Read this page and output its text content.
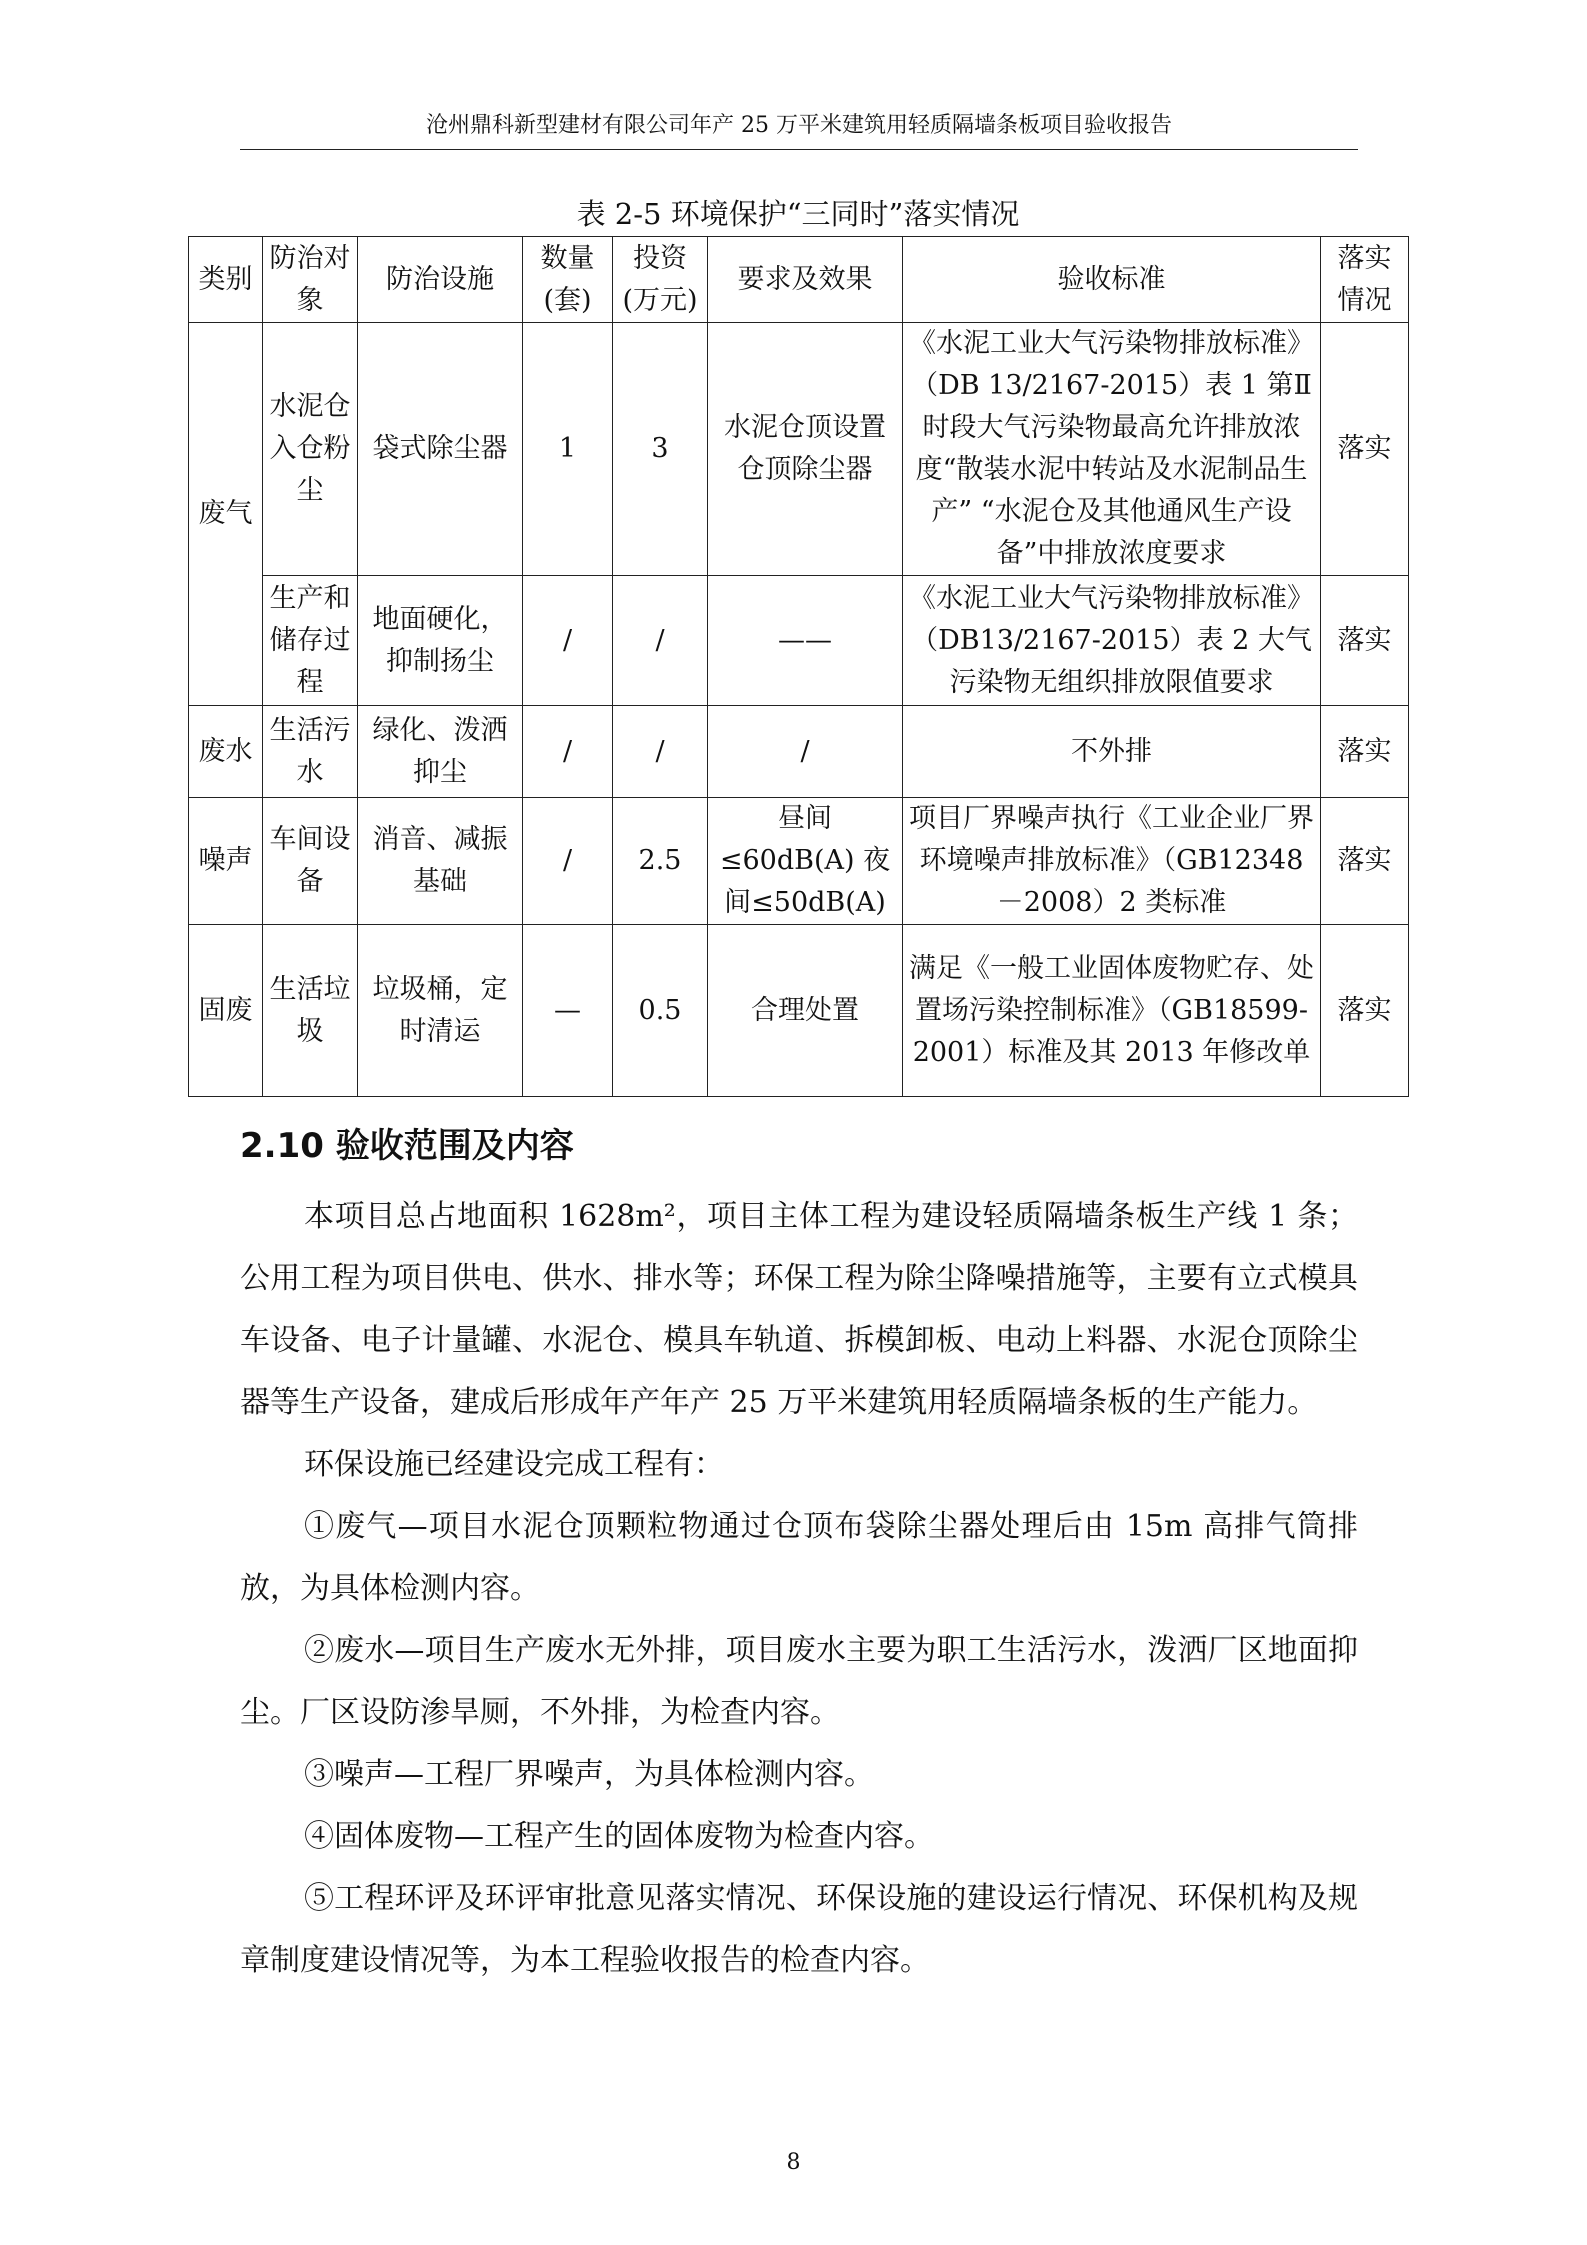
沧州鼎科新型建材有限公司年产 25 万平米建筑用轻质隔墙条板项目验收报告
表 2-5 环境保护“三同时”落实情况
类别	防治对象	防治设施	数量(套)	投资(万元)	要求及效果	验收标准	落实情况
废气	水泥仓入仓粉尘	袋式除尘器	1	3	水泥仓顶设置仓顶除尘器	《水泥工业大气污染物排放标准》（DB 13/2167-2015）表 1 第Ⅱ时段大气污染物最高允许排放浓度“散装水泥中转站及水泥制品生产” “水泥仓及其他通风生产设备”中排放浓度要求	落实
	生产和储存过程	地面硬化，抑制扬尘	/	/	——	《水泥工业大气污染物排放标准》（DB13/2167-2015）表 2 大气污染物无组织排放限值要求	落实
废水	生活污水	绿化、泼洒抑尘	/	/	/	不外排	落实
噪声	车间设备	消音、减振基础	/	2.5	昼间≤60dB(A) 夜间≤50dB(A)	项目厂界噪声执行《工业企业厂界环境噪声排放标准》（GB12348－2008）2 类标准	落实
固废	生活垃圾	垃圾桶，定时清运	—	0.5	合理处置	满足《一般工业固体废物贮存、处置场污染控制标准》（GB18599-2001）标准及其 2013 年修改单	落实
2.10 验收范围及内容

本项目总占地面积 1628m²，项目主体工程为建设轻质隔墙条板生产线 1 条；公用工程为项目供电、供水、排水等；环保工程为除尘降噪措施等，主要有立式模具车设备、电子计量罐、水泥仓、模具车轨道、拆模卸板、电动上料器、水泥仓顶除尘器等生产设备，建成后形成年产年产 25 万平米建筑用轻质隔墙条板的生产能力。

环保设施已经建设完成工程有：

①废气—项目水泥仓顶颗粒物通过仓顶布袋除尘器处理后由 15m 高排气筒排放，为具体检测内容。

②废水—项目生产废水无外排，项目废水主要为职工生活污水，泼洒厂区地面抑尘。厂区设防渗旱厕，不外排，为检查内容。

③噪声—工程厂界噪声，为具体检测内容。

④固体废物—工程产生的固体废物为检查内容。

⑤工程环评及环评审批意见落实情况、环保设施的建设运行情况、环保机构及规章制度建设情况等，为本工程验收报告的检查内容。

8
